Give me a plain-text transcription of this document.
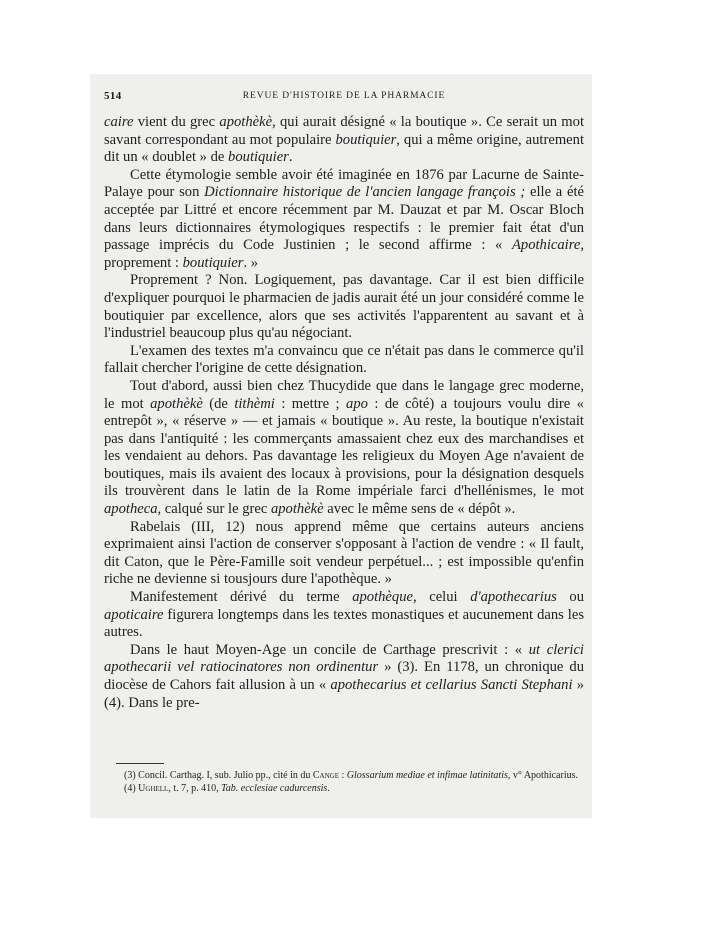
514	REVUE D'HISTOIRE DE LA PHARMACIE

caire vient du grec apothèkè, qui aurait désigné « la boutique ». Ce serait un mot savant correspondant au mot populaire boutiquier, qui a même origine, autrement dit un « doublet » de boutiquier.

Cette étymologie semble avoir été imaginée en 1876 par Lacurne de Sainte-Palaye pour son Dictionnaire historique de l'ancien langage françois ; elle a été acceptée par Littré et encore récemment par M. Dauzat et par M. Oscar Bloch dans leurs dictionnaires étymologiques respectifs : le premier fait état d'un passage imprécis du Code Justinien ; le second affirme : « Apothicaire, proprement : boutiquier. »

Proprement ? Non. Logiquement, pas davantage. Car il est bien difficile d'expliquer pourquoi le pharmacien de jadis aurait été un jour considéré comme le boutiquier par excellence, alors que ses activités l'apparentent au savant et à l'industriel beaucoup plus qu'au négociant.

L'examen des textes m'a convaincu que ce n'était pas dans le commerce qu'il fallait chercher l'origine de cette désignation.

Tout d'abord, aussi bien chez Thucydide que dans le langage grec moderne, le mot apothèkè (de tithèmi : mettre ; apo : de côté) a toujours voulu dire « entrepôt », « réserve » — et jamais « boutique ». Au reste, la boutique n'existait pas dans l'antiquité : les commerçants amassaient chez eux des marchandises et les vendaient au dehors. Pas davantage les religieux du Moyen Age n'avaient de boutiques, mais ils avaient des locaux à provisions, pour la désignation desquels ils trouvèrent dans le latin de la Rome impériale farci d'hellénismes, le mot apotheca, calqué sur le grec apothèkè avec le même sens de « dépôt ».

Rabelais (III, 12) nous apprend même que certains auteurs anciens exprimaient ainsi l'action de conserver s'opposant à l'action de vendre : « Il fault, dit Caton, que le Père-Famille soit vendeur perpétuel... ; est impossible qu'enfin riche ne devienne si tousjours dure l'apothèque. »

Manifestement dérivé du terme apothèque, celui d'apothecarius ou apoticaire figurera longtemps dans les textes monastiques et aucunement dans les autres.

Dans le haut Moyen-Age un concile de Carthage prescrivit : « ut clerici apothecarii vel ratiocinatores non ordinentur » (3). En 1178, un chronique du diocèse de Cahors fait allusion à un « apothecarius et cellarius Sancti Stephani » (4). Dans le pre-

(3) Concil. Carthag. I, sub. Julio pp., cité in du Cange : Glossarium mediae et infimae latinitatis, v° Apothicarius.

(4) Ughell, t. 7, p. 410, Tab. ecclesiae cadurcensis.
